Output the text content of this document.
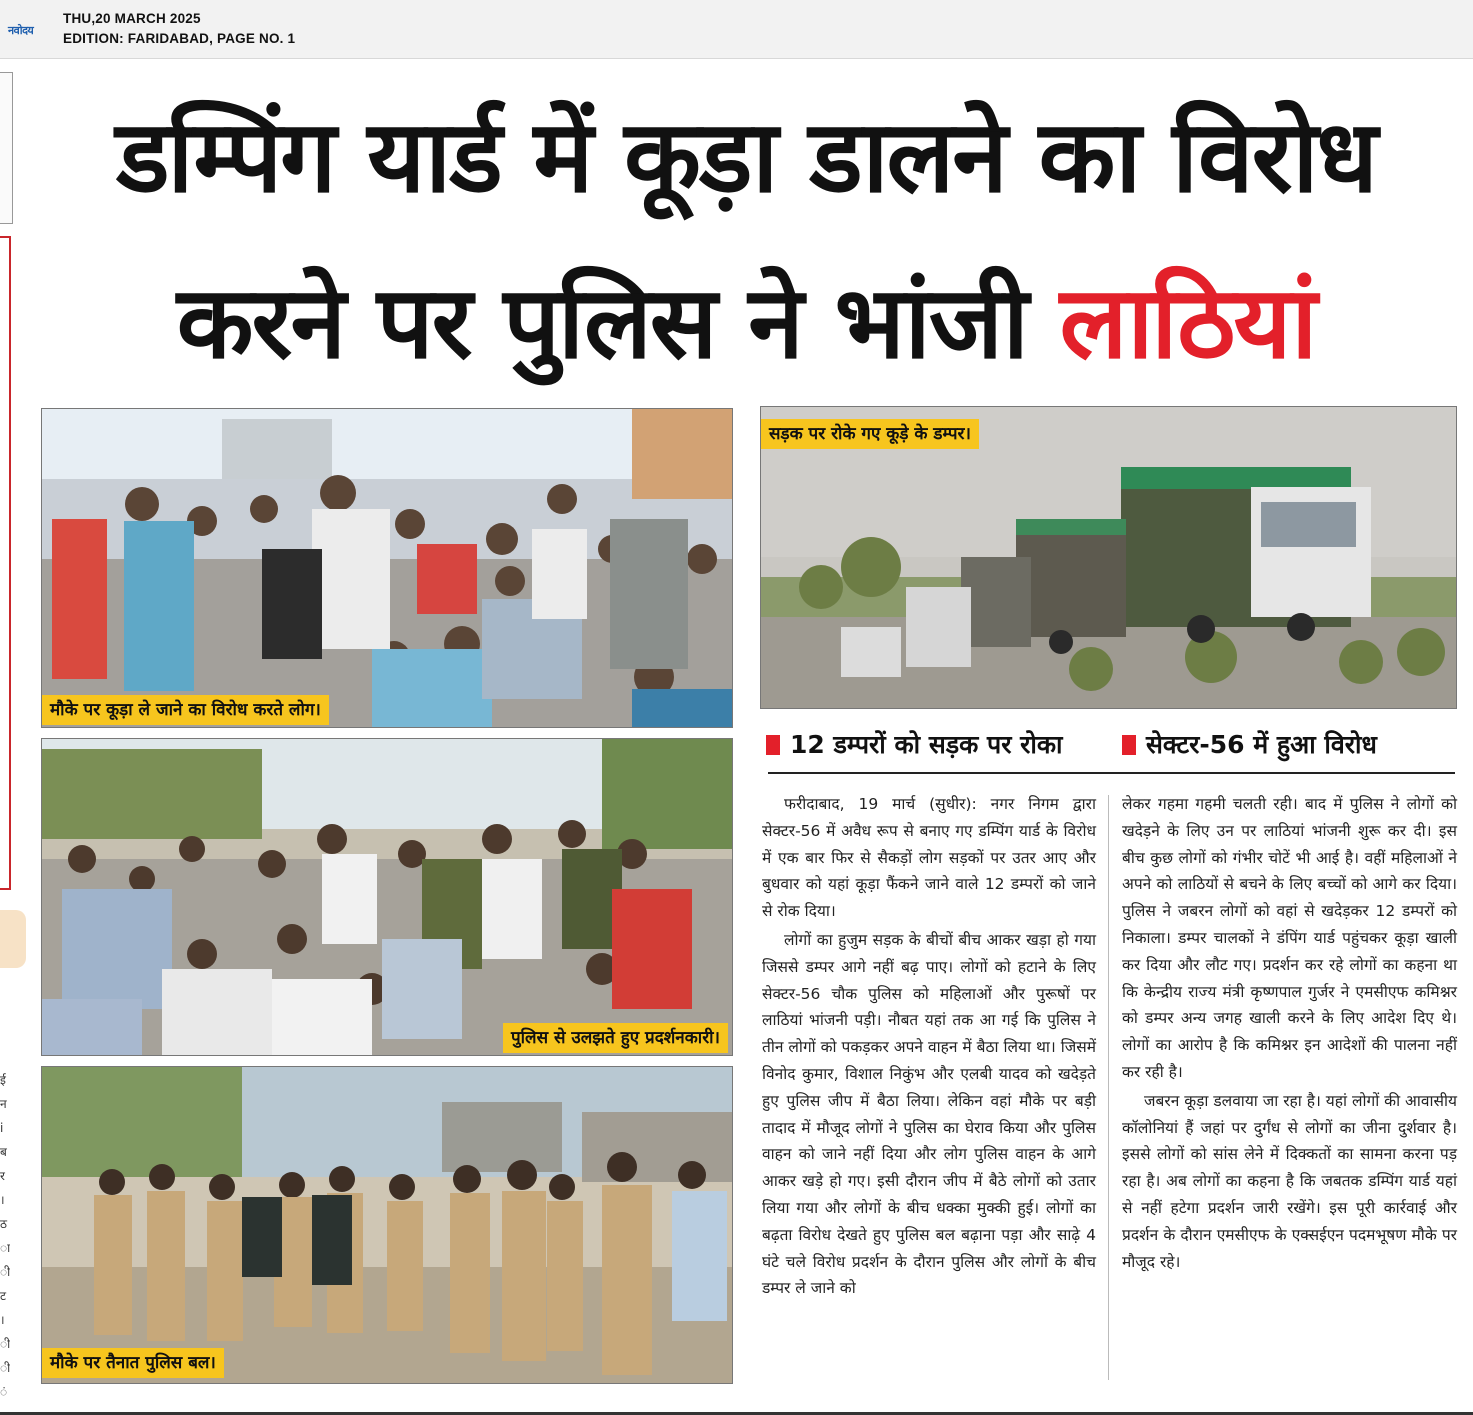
नवोदय
THU,20 MARCH 2025
EDITION: FARIDABAD, PAGE NO. 1
ई
न
i
ब
र
।
ठ
ा
ी
ट
।
ी
ी
ं
डम्पिंग यार्ड में कूड़ा डालने का विरोध
करने पर पुलिस ने भांजी लाठियां
मौके पर कूड़ा ले जाने का विरोध करते लोग।
पुलिस से उलझते हुए प्रदर्शनकारी।
मौके पर तैनात पुलिस बल।
सड़क पर रोके गए कूड़े के डम्पर।
12 डम्परों को सड़क पर रोका	सेक्टर-56 में हुआ विरोध

फरीदाबाद, 19 मार्च (सुधीर): नगर निगम द्वारा सेक्टर-56 में अवैध रूप से बनाए गए डम्पिंग यार्ड के विरोध में एक बार फिर से सैकड़ों लोग सड़कों पर उतर आए और बुधवार को यहां कूड़ा फैंकने जाने वाले 12 डम्परों को जाने से रोक दिया।

लोगों का हुजुम सड़क के बीचों बीच आकर खड़ा हो गया जिससे डम्पर आगे नहीं बढ़ पाए। लोगों को हटाने के लिए सेक्टर-56 चौक पुलिस को महिलाओं और पुरूषों पर लाठियां भांजनी पड़ी। नौबत यहां तक आ गई कि पुलिस ने तीन लोगों को पकड़कर अपने वाहन में बैठा लिया था। जिसमें विनोद कुमार, विशाल निकुंभ और एलबी यादव को खदेड़ते हुए पुलिस जीप में बैठा लिया। लेकिन वहां मौके पर बड़ी तादाद में मौजूद लोगों ने पुलिस का घेराव किया और पुलिस वाहन को जाने नहीं दिया और लोग पुलिस वाहन के आगे आकर खड़े हो गए। इसी दौरान जीप में बैठे लोगों को उतार लिया गया और लोगों के बीच धक्का मुक्की हुई। लोगों का बढ़ता विरोध देखते हुए पुलिस बल बढ़ाना पड़ा और साढ़े 4 घंटे चले विरोध प्रदर्शन के दौरान पुलिस और लोगों के बीच डम्पर ले जाने को

लेकर गहमा गहमी चलती रही। बाद में पुलिस ने लोगों को खदेड़ने के लिए उन पर लाठियां भांजनी शुरू कर दी। इस बीच कुछ लोगों को गंभीर चोटें भी आई है। वहीं महिलाओं ने अपने को लाठियों से बचने के लिए बच्चों को आगे कर दिया। पुलिस ने जबरन लोगों को वहां से खदेड़कर 12 डम्परों को निकाला। डम्पर चालकों ने डंपिंग यार्ड पहुंचकर कूड़ा खाली कर दिया और लौट गए। प्रदर्शन कर रहे लोगों का कहना था कि केन्द्रीय राज्य मंत्री कृष्णपाल गुर्जर ने एमसीएफ कमिश्नर को डम्पर अन्य जगह खाली करने के लिए आदेश दिए थे। लोगों का आरोप है कि कमिश्नर इन आदेशों की पालना नहीं कर रही है।

जबरन कूड़ा डलवाया जा रहा है। यहां लोगों की आवासीय कॉलोनियां हैं जहां पर दुर्गंध से लोगों का जीना दुर्शवार है। इससे लोगों को सांस लेने में दिक्कतों का सामना करना पड़ रहा है। अब लोगों का कहना है कि जबतक डम्पिंग यार्ड यहां से नहीं हटेगा प्रदर्शन जारी रखेंगे। इस पूरी कार्रवाई और प्रदर्शन के दौरान एमसीएफ के एक्सईएन पदमभूषण मौके पर मौजूद रहे।
